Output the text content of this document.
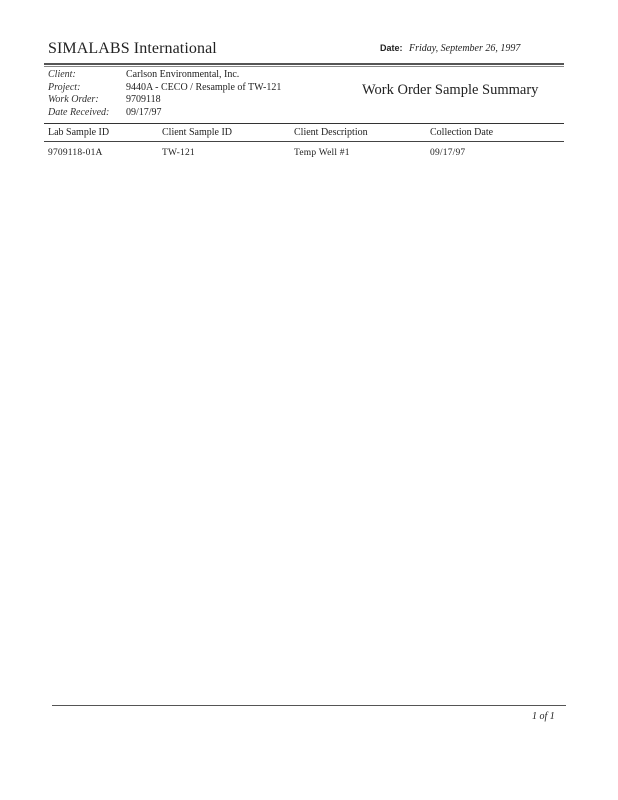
SIMALABS International	Date: Friday, September 26, 1997
Client:	Carlson Environmental, Inc.
Project:	9440A - CECO / Resample of TW-121
Work Order:	9709118
Date Received:	09/17/97
Work Order Sample Summary
Lab Sample ID	Client Sample ID	Client Description	Collection Date
9709118-01A	TW-121	Temp Well #1	09/17/97
1 of 1
